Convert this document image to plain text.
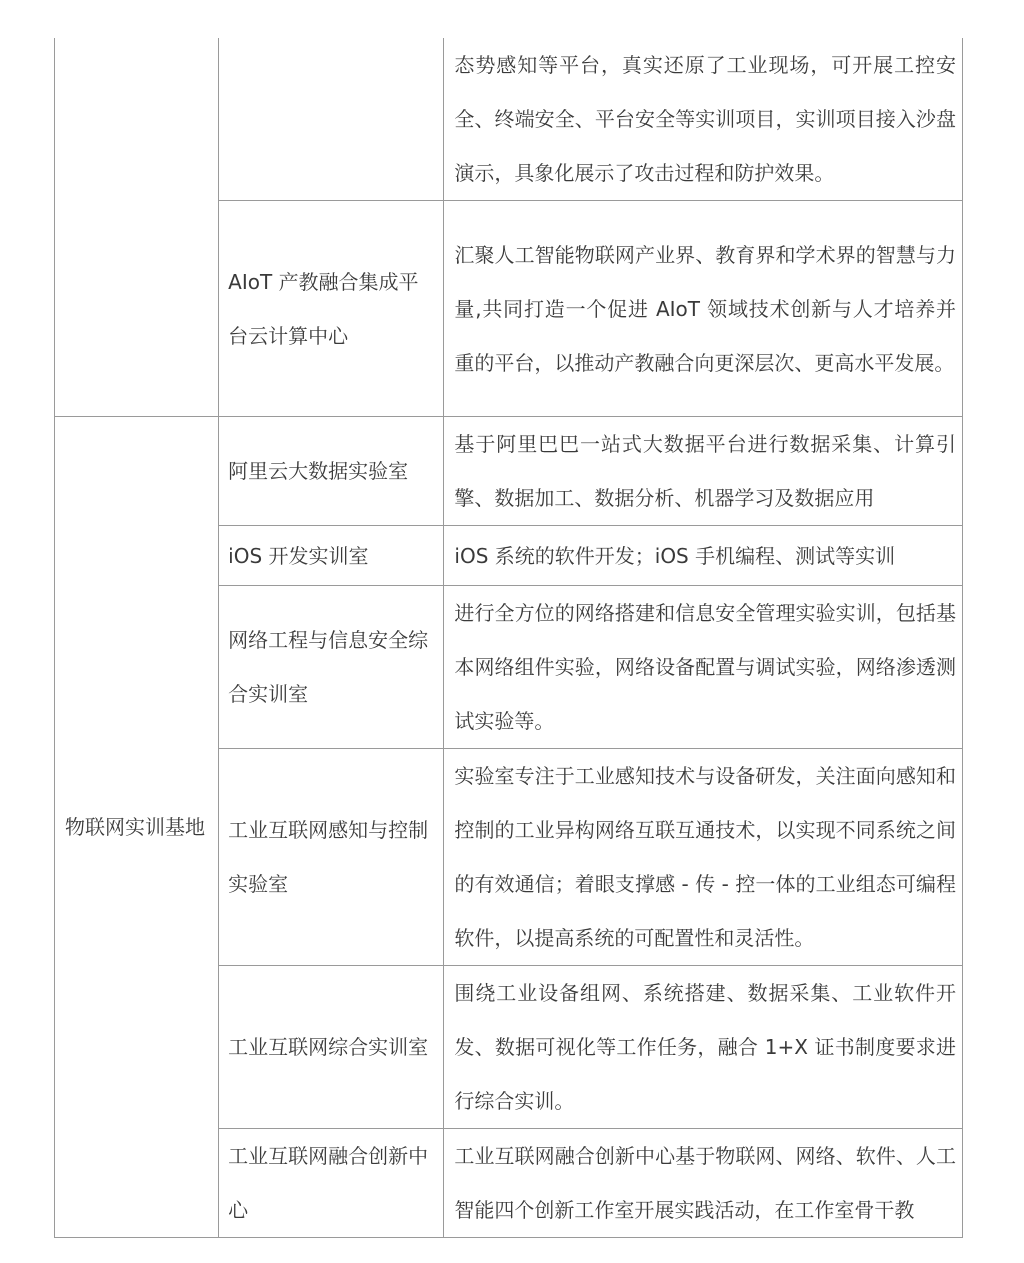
		态势感知等平台，真实还原了工业现场，可开展工控安全、终端安全、平台安全等实训项目，实训项目接入沙盘演示，具象化展示了攻击过程和防护效果。
	AIoT 产教融合集成平台云计算中心	汇聚人工智能物联网产业界、教育界和学术界的智慧与力量,共同打造一个促进 AIoT 领域技术创新与人才培养并重的平台，以推动产教融合向更深层次、更高水平发展。
物联网实训基地	阿里云大数据实验室	基于阿里巴巴一站式大数据平台进行数据采集、计算引擎、数据加工、数据分析、机器学习及数据应用
	iOS 开发实训室	iOS 系统的软件开发；iOS 手机编程、测试等实训
	网络工程与信息安全综合实训室	进行全方位的网络搭建和信息安全管理实验实训，包括基本网络组件实验，网络设备配置与调试实验，网络渗透测试实验等。
	工业互联网感知与控制实验室	实验室专注于工业感知技术与设备研发，关注面向感知和控制的工业异构网络互联互通技术，以实现不同系统之间的有效通信；着眼支撑感 - 传 - 控一体的工业组态可编程软件，以提高系统的可配置性和灵活性。
	工业互联网综合实训室	围绕工业设备组网、系统搭建、数据采集、工业软件开发、数据可视化等工作任务，融合 1+X 证书制度要求进行综合实训。
	工业互联网融合创新中心	工业互联网融合创新中心基于物联网、网络、软件、人工智能四个创新工作室开展实践活动，在工作室骨干教
